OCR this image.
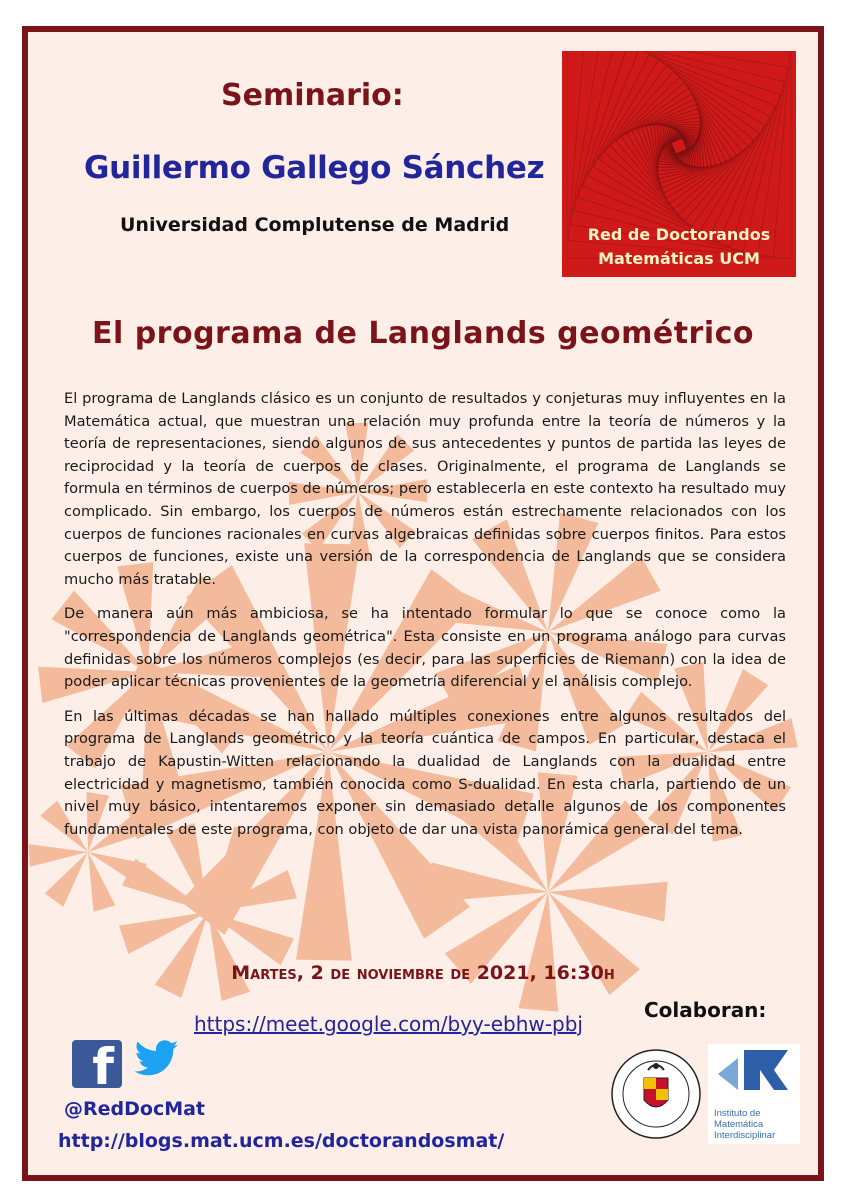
Seminario:
Guillermo Gallego Sánchez
Universidad Complutense de Madrid	Red de Doctorandos
Matemáticas UCM
El programa de Langlands geométrico

El programa de Langlands clásico es un conjunto de resultados y conjeturas muy influyentes en la Matemática actual, que muestran una relación muy profunda entre la teoría de números y la teoría de representaciones, siendo algunos de sus antecedentes y puntos de partida las leyes de reciprocidad y la teoría de cuerpos de clases. Originalmente, el programa de Langlands se formula en términos de cuerpos de números; pero establecerla en este contexto ha resultado muy complicado. Sin embargo, los cuerpos de números están estrechamente relacionados con los cuerpos de funciones racionales en curvas algebraicas definidas sobre cuerpos finitos. Para estos cuerpos de funciones, existe una versión de la correspondencia de Langlands que se considera mucho más tratable.

De manera aún más ambiciosa, se ha intentado formular lo que se conoce como la "correspondencia de Langlands geométrica". Esta consiste en un programa análogo para curvas definidas sobre los números complejos (es decir, para las superficies de Riemann) con la idea de poder aplicar técnicas provenientes de la geometría diferencial y el análisis complejo.

En las últimas décadas se han hallado múltiples conexiones entre algunos resultados del programa de Langlands geométrico y la teoría cuántica de campos. En particular, destaca el trabajo de Kapustin-Witten relacionando la dualidad de Langlands con la dualidad entre electricidad y magnetismo, también conocida como S-dualidad. En esta charla, partiendo de un nivel muy básico, intentaremos exponer sin demasiado detalle algunos de los componentes fundamentales de este programa, con objeto de dar una vista panorámica general del tema.

Martes, 2 de noviembre de 2021, 16:30h
https://meet.google.com/byy-ebhw-pbj
Colaboran:
f
@RedDocMat
http://blogs.mat.ucm.es/doctorandosmat/
Instituto de
Matemática
Interdisciplinar
